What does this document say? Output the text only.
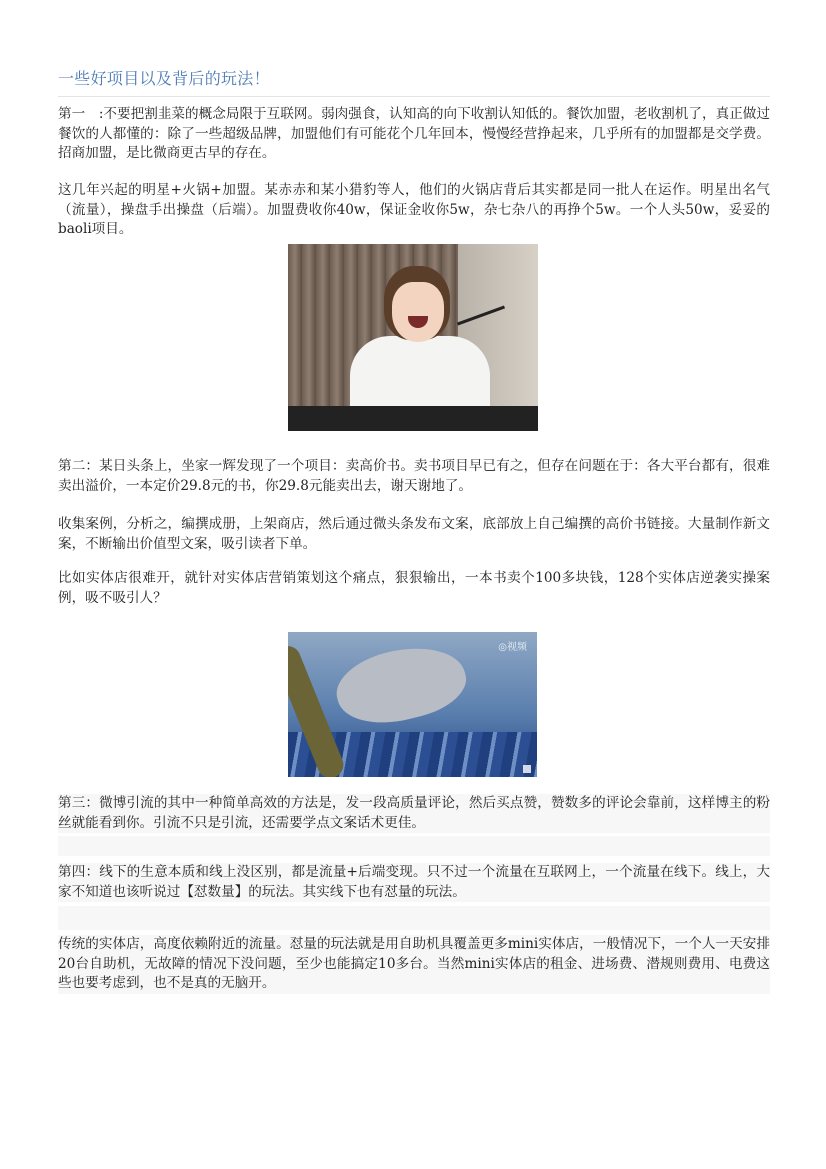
一些好项目以及背后的玩法！

第一　:不要把割韭菜的概念局限于互联网。弱肉强食，认知高的向下收割认知低的。餐饮加盟，老收割机了，真正做过餐饮的人都懂的：除了一些超级品牌，加盟他们有可能花个几年回本，慢慢经营挣起来，几乎所有的加盟都是交学费。招商加盟，是比微商更古早的存在。

这几年兴起的明星+火锅+加盟。某赤赤和某小猎豹等人，他们的火锅店背后其实都是同一批人在运作。明星出名气（流量），操盘手出操盘（后端）。加盟费收你40w，保证金收你5w，杂七杂八的再挣个5w。一个人头50w，妥妥的baoli项目。

第二：某日头条上，坐家一辉发现了一个项目：卖高价书。卖书项目早已有之，但存在问题在于：各大平台都有，很难卖出溢价，一本定价29.8元的书，你29.8元能卖出去，谢天谢地了。

收集案例，分析之，编撰成册，上架商店，然后通过微头条发布文案，底部放上自己编撰的高价书链接。大量制作新文案，不断输出价值型文案，吸引读者下单。

比如实体店很难开，就针对实体店营销策划这个痛点，狠狠输出，一本书卖个100多块钱，128个实体店逆袭实操案例，吸不吸引人？

第三：微博引流的其中一种简单高效的方法是，发一段高质量评论，然后买点赞，赞数多的评论会靠前，这样博主的粉丝就能看到你。引流不只是引流，还需要学点文案话术更佳。

第四：线下的生意本质和线上没区别，都是流量+后端变现。只不过一个流量在互联网上，一个流量在线下。线上，大家不知道也该听说过【怼数量】的玩法。其实线下也有怼量的玩法。

传统的实体店，高度依赖附近的流量。怼量的玩法就是用自助机具覆盖更多mini实体店，一般情况下，一个人一天安排20台自助机，无故障的情况下没问题，至少也能搞定10多台。当然mini实体店的租金、进场费、潜规则费用、电费这些也要考虑到，也不是真的无脑开。

◎视频
